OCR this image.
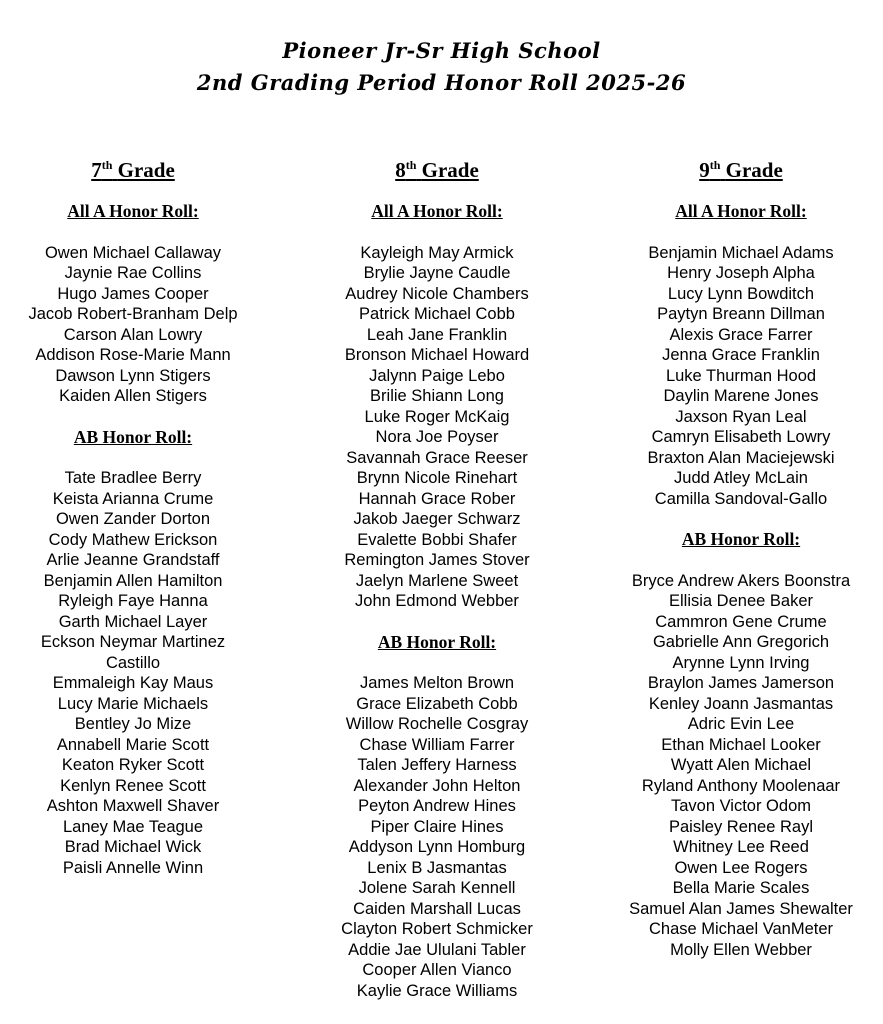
Pioneer Jr-Sr High School
2nd Grading Period Honor Roll 2025-26
7th Grade
All A Honor Roll:
Owen Michael Callaway
Jaynie Rae Collins
Hugo James Cooper
Jacob Robert-Branham Delp
Carson Alan Lowry
Addison Rose-Marie Mann
Dawson Lynn Stigers
Kaiden Allen Stigers
AB Honor Roll:
Tate Bradlee Berry
Keista Arianna Crume
Owen Zander Dorton
Cody Mathew Erickson
Arlie Jeanne Grandstaff
Benjamin Allen Hamilton
Ryleigh Faye Hanna
Garth Michael Layer
Eckson Neymar Martinez Castillo
Emmaleigh Kay Maus
Lucy Marie Michaels
Bentley Jo Mize
Annabell Marie Scott
Keaton Ryker Scott
Kenlyn Renee Scott
Ashton Maxwell Shaver
Laney Mae Teague
Brad Michael Wick
Paisli Annelle Winn
8th Grade
All A Honor Roll:
Kayleigh May Armick
Brylie Jayne Caudle
Audrey Nicole Chambers
Patrick Michael Cobb
Leah Jane Franklin
Bronson Michael Howard
Jalynn Paige Lebo
Brilie Shiann Long
Luke Roger McKaig
Nora Joe Poyser
Savannah Grace Reeser
Brynn Nicole Rinehart
Hannah Grace Rober
Jakob Jaeger Schwarz
Evalette Bobbi Shafer
Remington James Stover
Jaelyn Marlene Sweet
John Edmond Webber
AB Honor Roll:
James Melton Brown
Grace Elizabeth Cobb
Willow Rochelle Cosgray
Chase William Farrer
Talen Jeffery Harness
Alexander John Helton
Peyton Andrew Hines
Piper Claire Hines
Addyson Lynn Homburg
Lenix B Jasmantas
Jolene Sarah Kennell
Caiden Marshall Lucas
Clayton Robert Schmicker
Addie Jae Ululani Tabler
Cooper Allen Vianco
Kaylie Grace Williams
9th Grade
All A Honor Roll:
Benjamin Michael Adams
Henry Joseph Alpha
Lucy Lynn Bowditch
Paytyn Breann Dillman
Alexis Grace Farrer
Jenna Grace Franklin
Luke Thurman Hood
Daylin Marene Jones
Jaxson Ryan Leal
Camryn Elisabeth Lowry
Braxton Alan Maciejewski
Judd Atley McLain
Camilla Sandoval-Gallo
AB Honor Roll:
Bryce Andrew Akers Boonstra
Ellisia Denee Baker
Cammron Gene Crume
Gabrielle Ann Gregorich
Arynne Lynn Irving
Braylon James Jamerson
Kenley Joann Jasmantas
Adric Evin Lee
Ethan Michael Looker
Wyatt Alen Michael
Ryland Anthony Moolenaar
Tavon Victor Odom
Paisley Renee Rayl
Whitney Lee Reed
Owen Lee Rogers
Bella Marie Scales
Samuel Alan James Shewalter
Chase Michael VanMeter
Molly Ellen Webber
